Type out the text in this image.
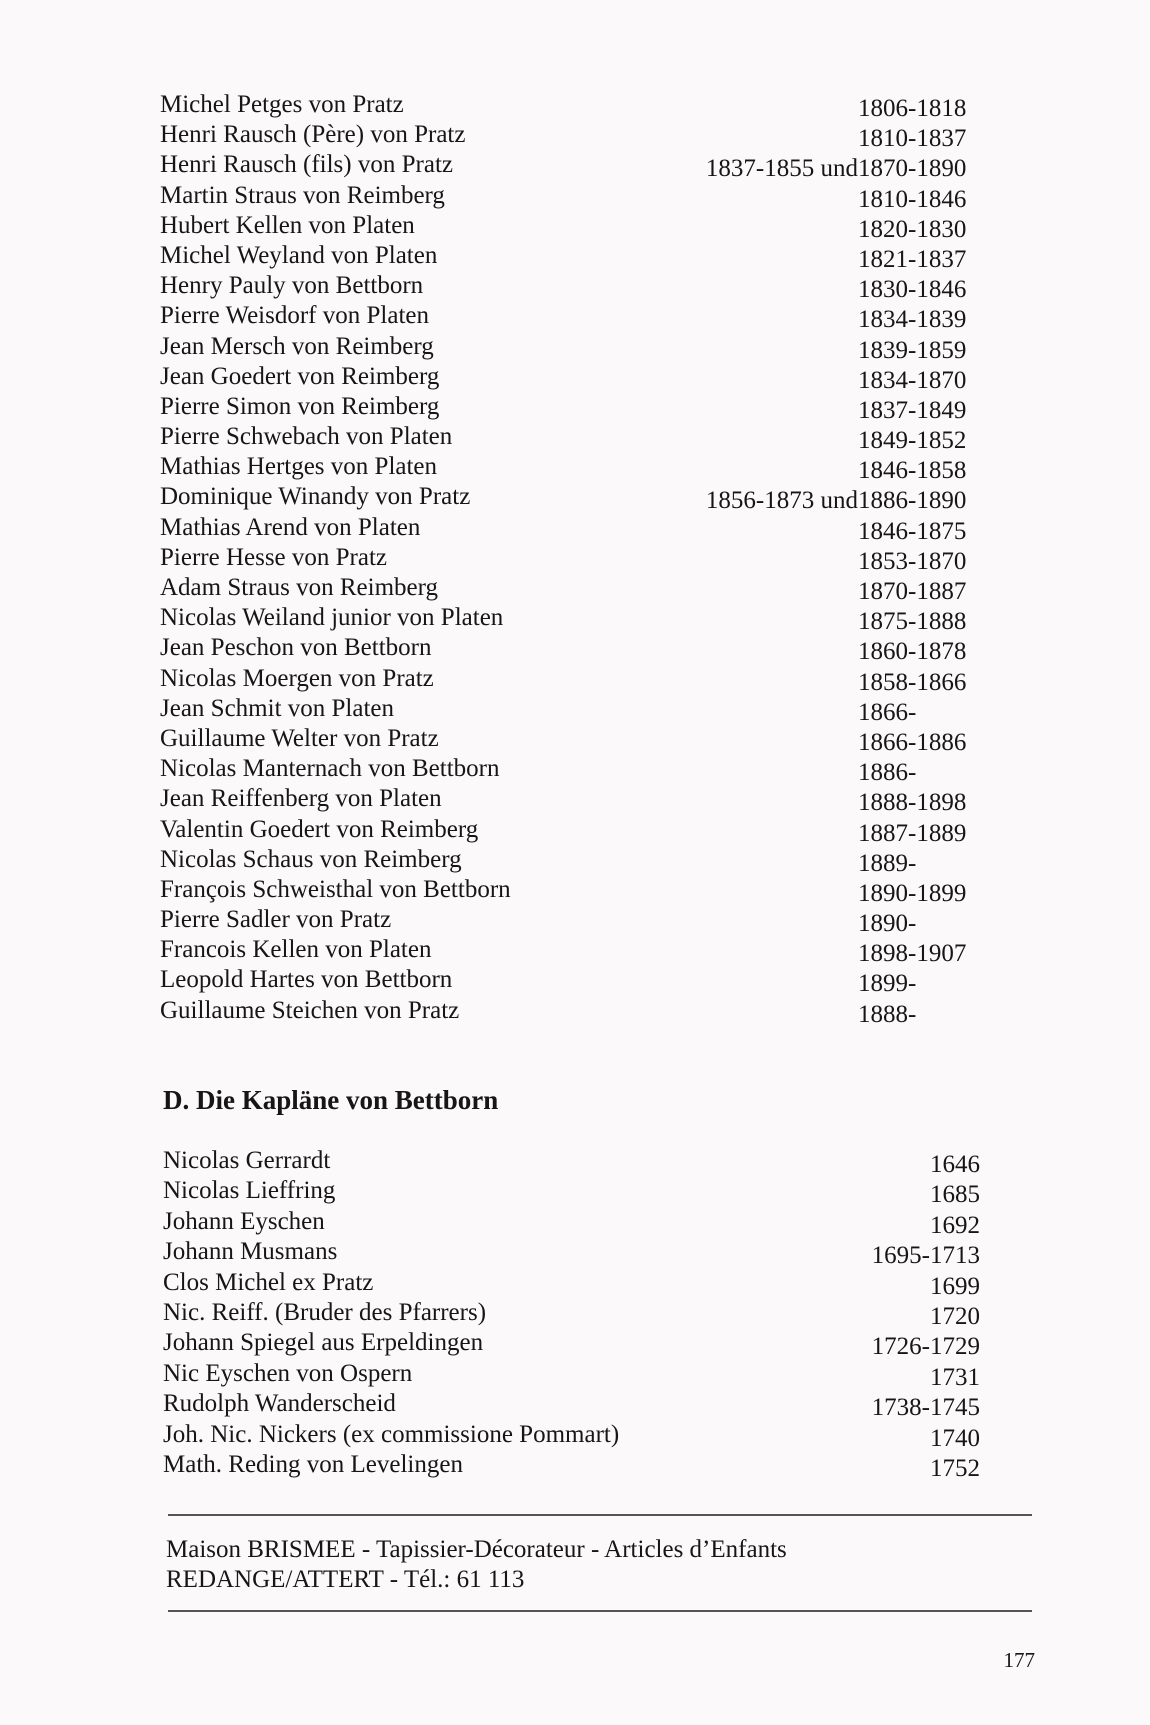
Michel Petges von Pratz	1806-1818
Henri Rausch (Père) von Pratz	1810-1837
Henri Rausch (fils) von Pratz	1837-1855 und 1870-1890
Martin Straus von Reimberg	1810-1846
Hubert Kellen von Platen	1820-1830
Michel Weyland von Platen	1821-1837
Henry Pauly von Bettborn	1830-1846
Pierre Weisdorf von Platen	1834-1839
Jean Mersch von Reimberg	1839-1859
Jean Goedert von Reimberg	1834-1870
Pierre Simon von Reimberg	1837-1849
Pierre Schwebach von Platen	1849-1852
Mathias Hertges von Platen	1846-1858
Dominique Winandy von Pratz	1856-1873 und 1886-1890
Mathias Arend von Platen	1846-1875
Pierre Hesse von Pratz	1853-1870
Adam Straus von Reimberg	1870-1887
Nicolas Weiland junior von Platen	1875-1888
Jean Peschon von Bettborn	1860-1878
Nicolas Moergen von Pratz	1858-1866
Jean Schmit von Platen	1866-
Guillaume Welter von Pratz	1866-1886
Nicolas Manternach von Bettborn	1886-
Jean Reiffenberg von Platen	1888-1898
Valentin Goedert von Reimberg	1887-1889
Nicolas Schaus von Reimberg	1889-
François Schweisthal von Bettborn	1890-1899
Pierre Sadler von Pratz	1890-
Francois Kellen von Platen	1898-1907
Leopold Hartes von Bettborn	1899-
Guillaume Steichen von Pratz	1888-
D. Die Kapläne von Bettborn
Nicolas Gerrardt	1646
Nicolas Lieffring	1685
Johann Eyschen	1692
Johann Musmans	1695-1713
Clos Michel ex Pratz	1699
Nic. Reiff. (Bruder des Pfarrers)	1720
Johann Spiegel aus Erpeldingen	1726-1729
Nic Eyschen von Ospern	1731
Rudolph Wanderscheid	1738-1745
Joh. Nic. Nickers (ex commissione Pommart)	1740
Math. Reding von Levelingen	1752
Maison BRISMEE - Tapissier-Décorateur - Articles d’Enfants
REDANGE/ATTERT - Tél.: 61 113
177
